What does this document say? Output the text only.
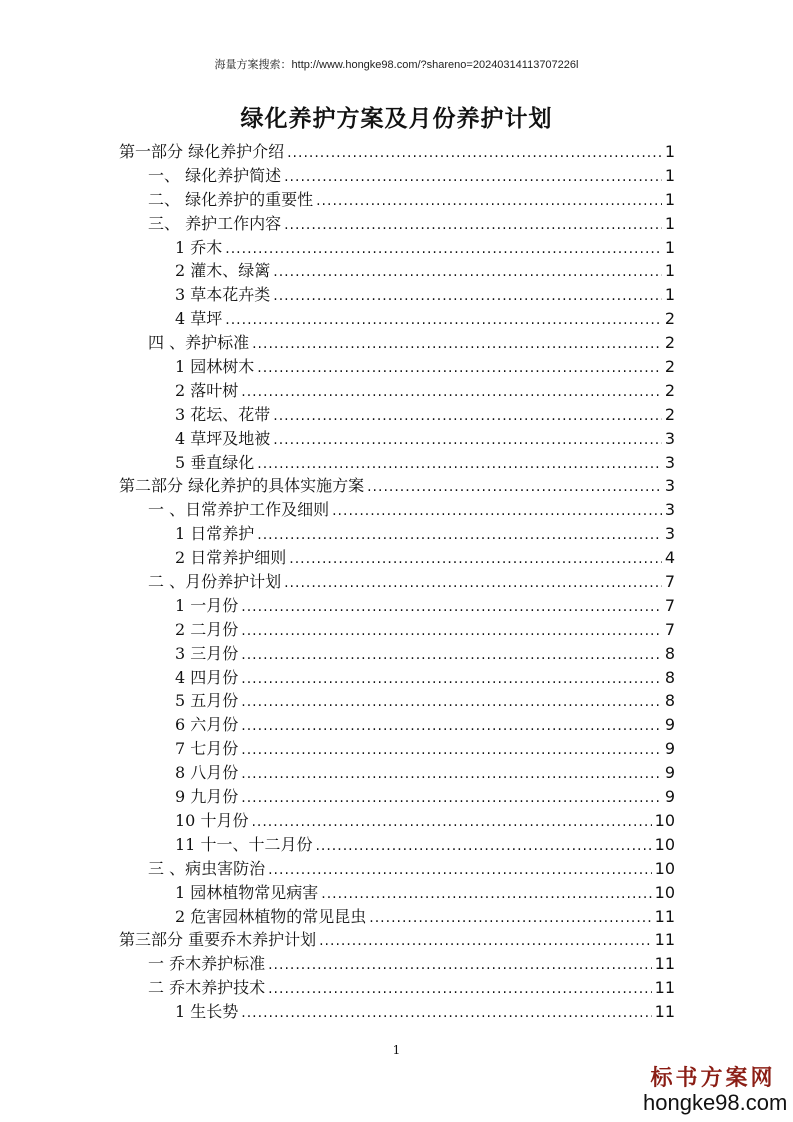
海量方案搜索：http://www.hongke98.com/?shareno=20240314113707226l
绿化养护方案及月份养护计划
第一部分 绿化养护介绍 .....	1
一、 绿化养护简述 .....	1
二、 绿化养护的重要性 .....	1
三、 养护工作内容 .....	1
1 乔木 .....	1
2 灌木、绿篱 .....	1
3 草本花卉类 .....	1
4 草坪 .....	2
四 、养护标准 .....	2
1 园林树木 .....	2
2 落叶树 .....	2
3 花坛、花带 .....	2
4 草坪及地被 .....	3
5 垂直绿化 .....	3
第二部分 绿化养护的具体实施方案 .....	3
一 、日常养护工作及细则 .....	3
1 日常养护 .....	3
2 日常养护细则 .....	4
二 、月份养护计划 .....	7
1 一月份 .....	7
2 二月份 .....	7
3 三月份 .....	8
4 四月份 .....	8
5 五月份 .....	8
6 六月份 .....	9
7 七月份 .....	9
8 八月份 .....	9
9 九月份 .....	9
10 十月份 .....	10
11 十一、十二月份 .....	10
三 、病虫害防治 .....	10
1 园林植物常见病害 .....	10
2 危害园林植物的常见昆虫 .....	11
第三部分 重要乔木养护计划 .....	11
一 乔木养护标准 .....	11
二 乔木养护技术 .....	11
1 生长势 .....	11
1
标书方案网
hongke98.com
